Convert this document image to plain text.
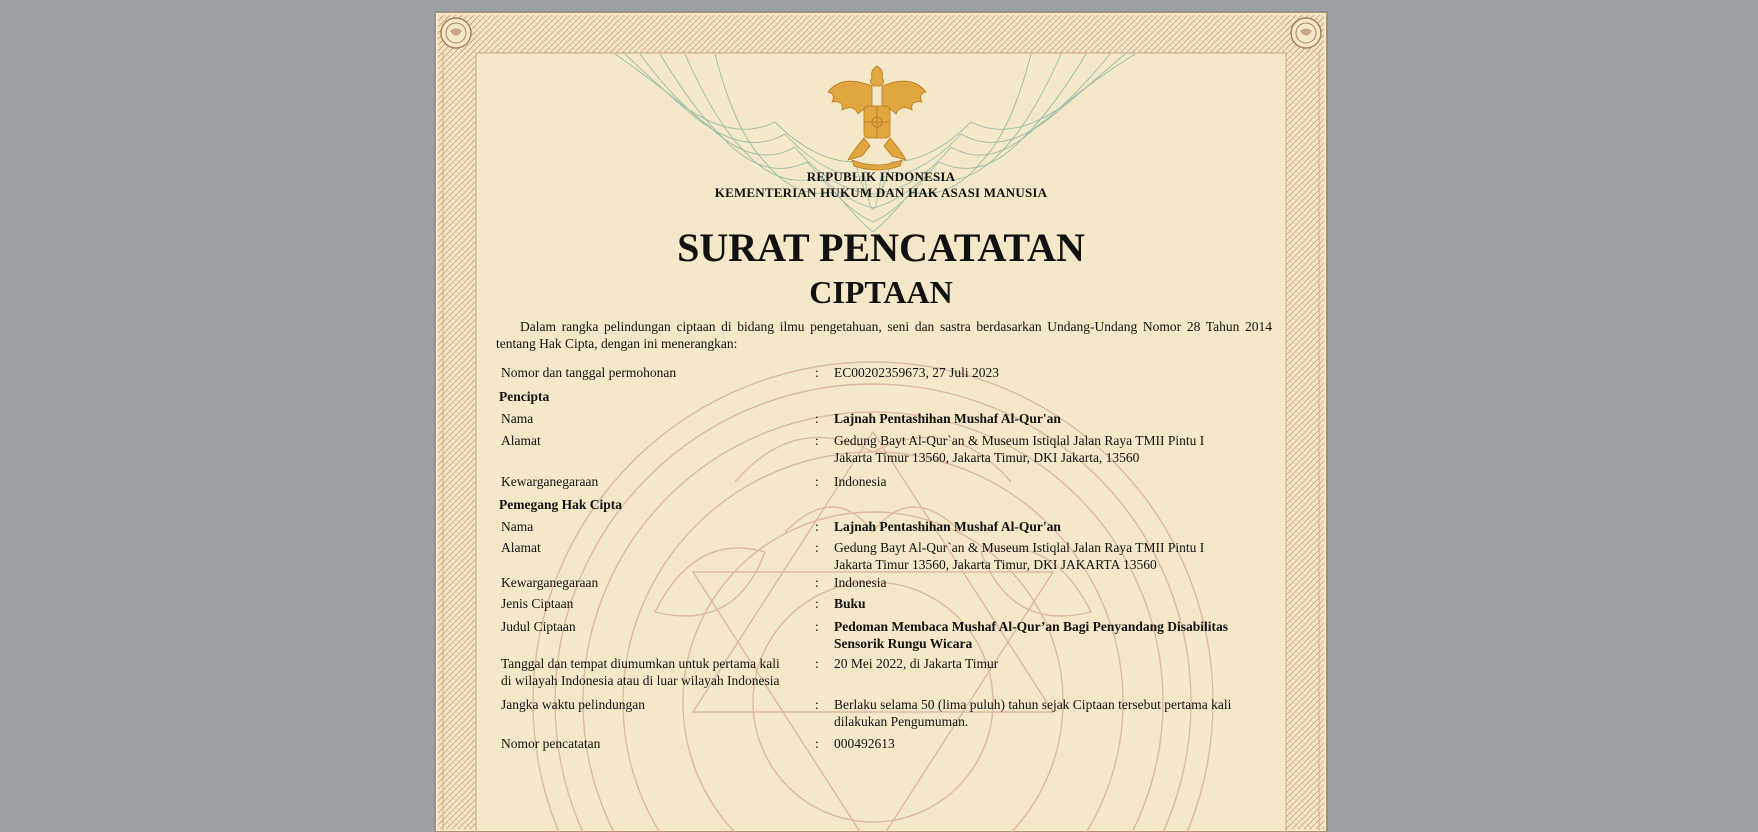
REPUBLIK INDONESIA
KEMENTERIAN HUKUM DAN HAK ASASI MANUSIA
SURAT PENCATATAN
CIPTAAN
Dalam rangka pelindungan ciptaan di bidang ilmu pengetahuan, seni dan sastra berdasarkan Undang-Undang Nomor 28 Tahun 2014 tentang Hak Cipta, dengan ini menerangkan:
Nomor dan tanggal permohonan	: EC00202359673, 27 Juli 2023
Pencipta
Nama	: Lajnah Pentashihan Mushaf Al-Qur'an
Alamat	: Gedung Bayt Al-Qur`an & Museum Istiqlal Jalan Raya TMII Pintu I
Jakarta Timur 13560, Jakarta Timur, DKI Jakarta, 13560
Kewarganegaraan	: Indonesia
Pemegang Hak Cipta
Nama	: Lajnah Pentashihan Mushaf Al-Qur'an
Alamat	: Gedung Bayt Al-Qur`an & Museum Istiqlal Jalan Raya TMII Pintu I
Jakarta Timur 13560, Jakarta Timur, DKI JAKARTA 13560
Kewarganegaraan	: Indonesia
Jenis Ciptaan	: Buku
Judul Ciptaan	: Pedoman Membaca Mushaf Al-Qur’an Bagi Penyandang Disabilitas
Sensorik Rungu Wicara
Tanggal dan tempat diumumkan untuk pertama kali
di wilayah Indonesia atau di luar wilayah Indonesia
: 20 Mei 2022, di Jakarta Timur
Jangka waktu pelindungan	: Berlaku selama 50 (lima puluh) tahun sejak Ciptaan tersebut pertama kali
dilakukan Pengumuman.
Nomor pencatatan	: 000492613
